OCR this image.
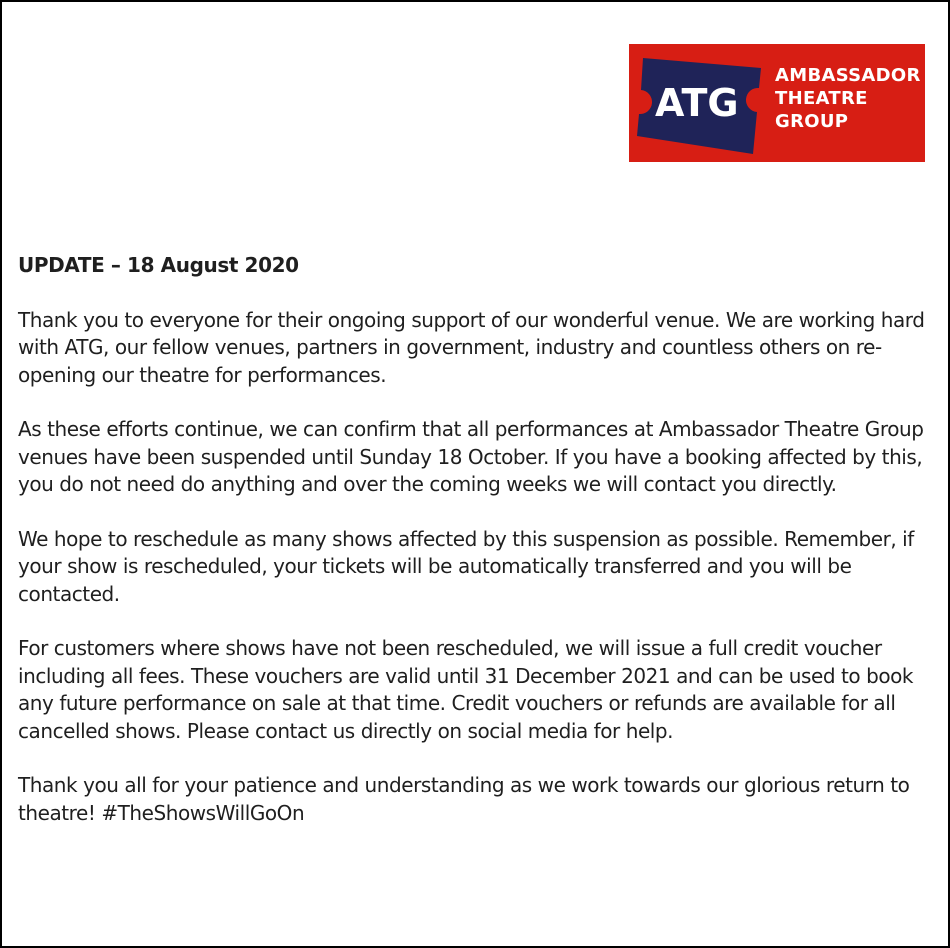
ATG
AMBASSADOR
THEATRE
GROUP
UPDATE – 18 August 2020
Thank you to everyone for their ongoing support of our wonderful venue. We are working hard with ATG, our fellow venues, partners in government, industry and countless others on re-opening our theatre for performances.
As these efforts continue, we can confirm that all performances at Ambassador Theatre Group venues have been suspended until Sunday 18 October. If you have a booking affected by this, you do not need do anything and over the coming weeks we will contact you directly.
We hope to reschedule as many shows affected by this suspension as possible. Remember, if your show is rescheduled, your tickets will be automatically transferred and you will be contacted.
For customers where shows have not been rescheduled, we will issue a full credit voucher including all fees. These vouchers are valid until 31 December 2021 and can be used to book any future performance on sale at that time. Credit vouchers or refunds are available for all cancelled shows. Please contact us directly on social media for help.
Thank you all for your patience and understanding as we work towards our glorious return to theatre! #TheShowsWillGoOn
